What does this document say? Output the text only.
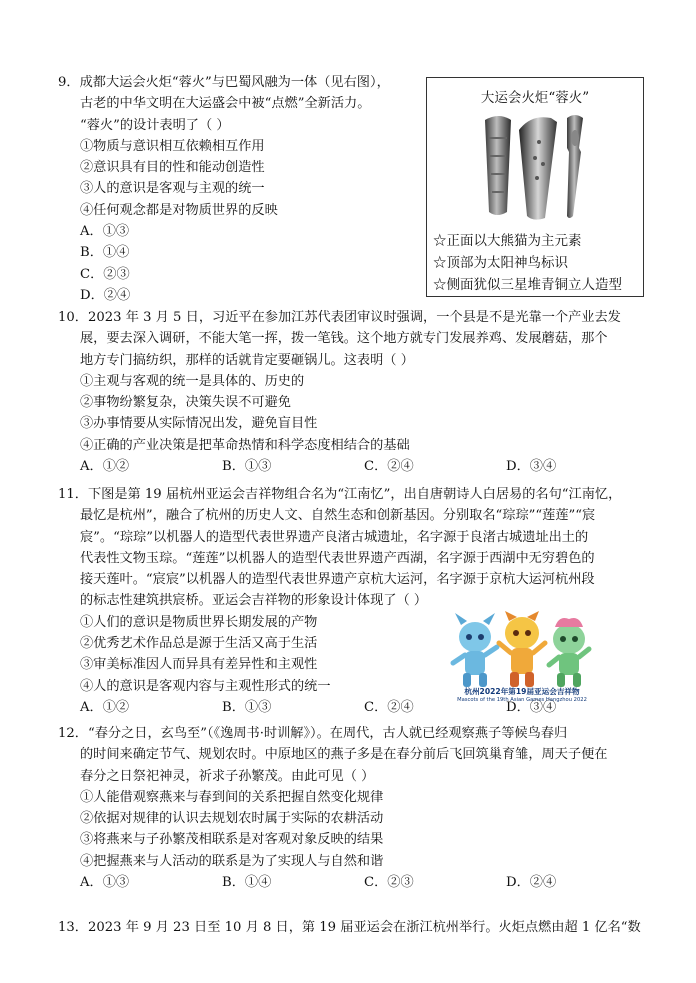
9．成都大运会火炬“蓉火”与巴蜀风融为一体（见右图），
古老的中华文明在大运盛会中被“点燃”全新活力。
“蓉火”的设计表明了（ ）
①物质与意识相互依赖相互作用
②意识具有目的性和能动创造性
③人的意识是客观与主观的统一
④任何观念都是对物质世界的反映
A．①③
B．①④
C．②③
D．②④
大运会火炬“蓉火”
☆正面以大熊猫为主元素
☆顶部为太阳神鸟标识
☆侧面犹似三星堆青铜立人造型
10．2023 年 3 月 5 日，习近平在参加江苏代表团审议时强调，一个县是不是光靠一个产业去发
展，要去深入调研，不能大笔一挥，拨一笔钱。这个地方就专门发展养鸡、发展蘑菇，那个
地方专门搞纺织，那样的话就肯定要砸锅儿。这表明（ ）
①主观与客观的统一是具体的、历史的
②事物纷繁复杂，决策失误不可避免
③办事情要从实际情况出发，避免盲目性
④正确的产业决策是把革命热情和科学态度相结合的基础
A．①②	B．①③	C．②④	D．③④
11．下图是第 19 届杭州亚运会吉祥物组合名为“江南忆”，出自唐朝诗人白居易的名句“江南忆，
最忆是杭州”，融合了杭州的历史人文、自然生态和创新基因。分别取名“琮琮”“莲莲”“宸
宸”。“琮琮”以机器人的造型代表世界遗产良渚古城遗址，名字源于良渚古城遗址出土的
代表性文物玉琮。“莲莲”以机器人的造型代表世界遗产西湖，名字源于西湖中无穷碧色的
接天莲叶。“宸宸”以机器人的造型代表世界遗产京杭大运河，名字源于京杭大运河杭州段
的标志性建筑拱宸桥。亚运会吉祥物的形象设计体现了（ ）
①人们的意识是物质世界长期发展的产物
②优秀艺术作品总是源于生活又高于生活
③审美标准因人而异具有差异性和主观性
④人的意识是客观内容与主观性形式的统一
A．①②	B．①③	C．②④	D．③④
杭州2022年第19届亚运会吉祥物
Mascots of the 19th Asian Games Hangzhou 2022
12．“春分之日，玄鸟至”（《逸周书·时训解》）。在周代，古人就已经观察燕子等候鸟春归
的时间来确定节气、规划农时。中原地区的燕子多是在春分前后飞回筑巢育雏，周天子便在
春分之日祭祀神灵，祈求子孙繁茂。由此可见（ ）
①人能借观察燕来与春到间的关系把握自然变化规律
②依据对规律的认识去规划农时属于实际的农耕活动
③将燕来与子孙繁茂相联系是对客观对象反映的结果
④把握燕来与人活动的联系是为了实现人与自然和谐
A．①③	B．①④	C．②③	D．②④
13．2023 年 9 月 23 日至 10 月 8 日，第 19 届亚运会在浙江杭州举行。火炬点燃由超 1 亿名“数
